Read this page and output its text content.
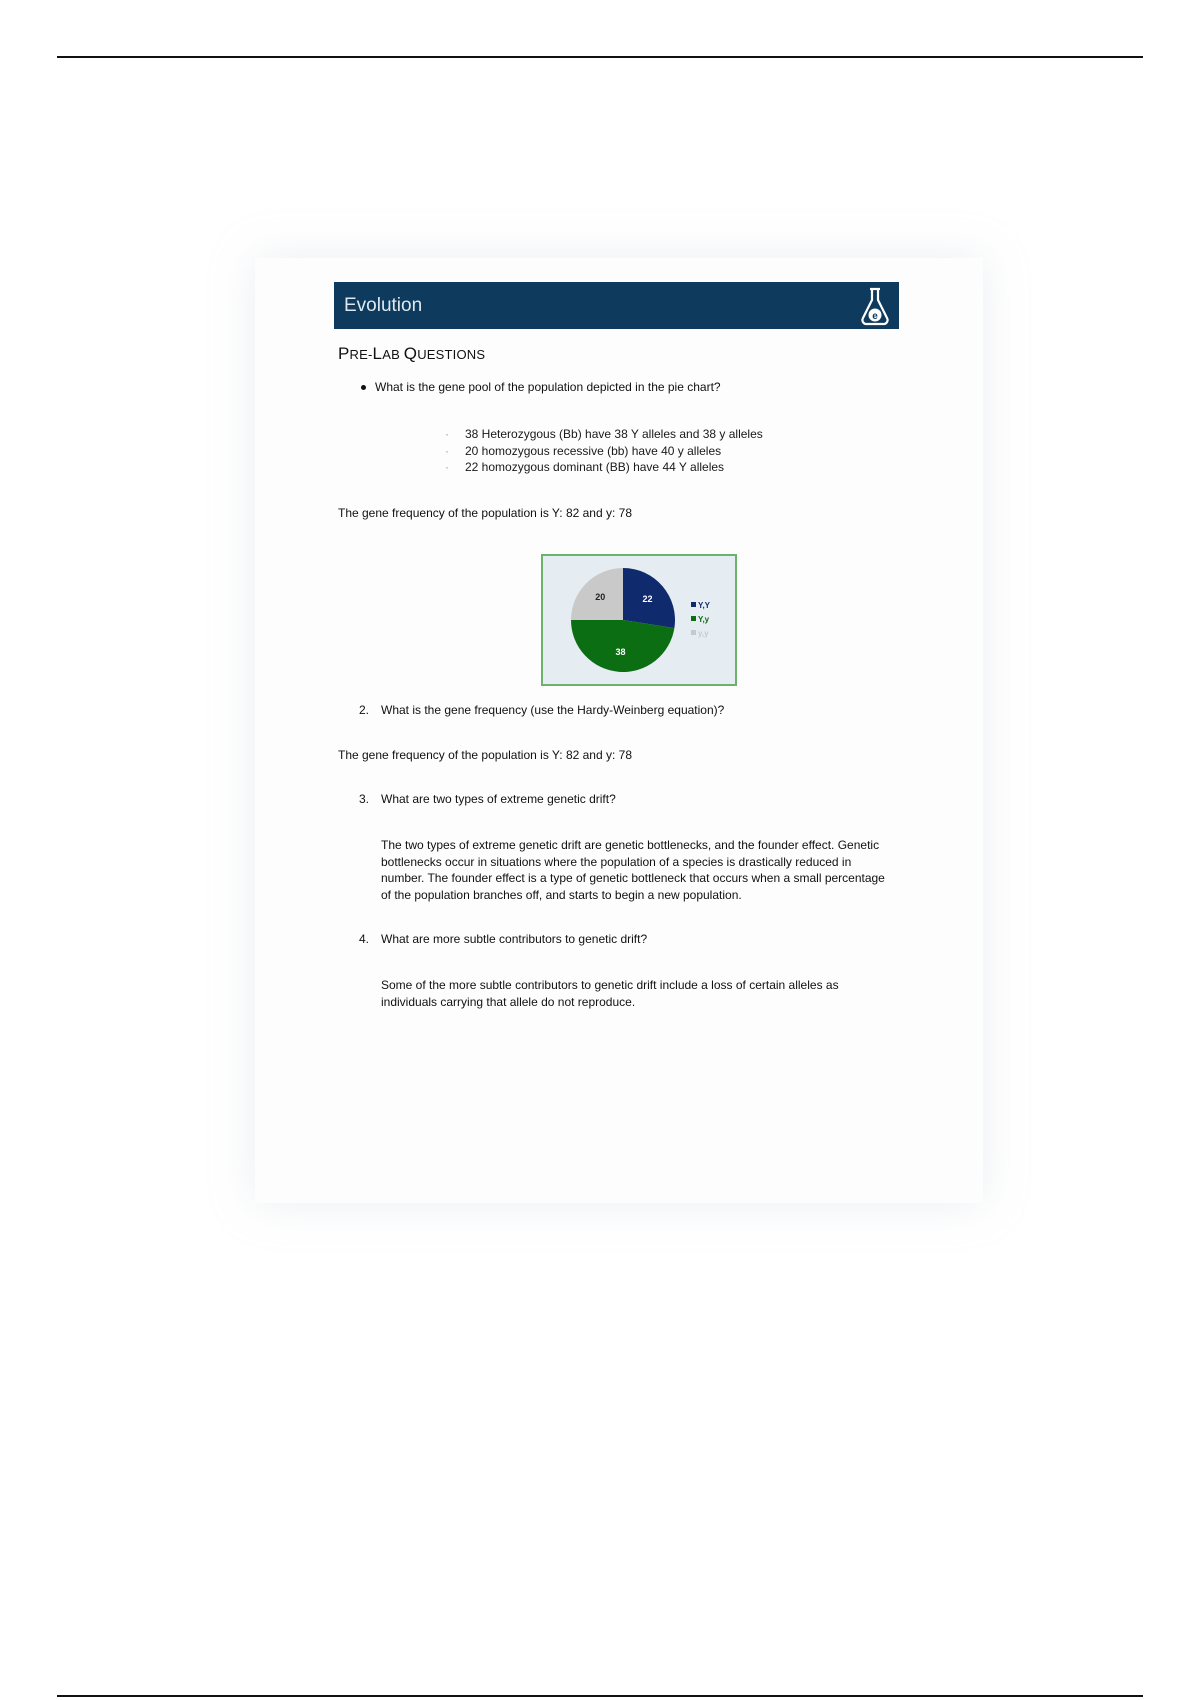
Evolution
e
PRE-LAB QUESTIONS
What is the gene pool of the population depicted in the pie chart?
· 38 Heterozygous (Bb) have 38 Y alleles and 38 y alleles
· 20 homozygous recessive (bb) have 40 y alleles
· 22 homozygous dominant (BB) have 44 Y alleles
The gene frequency of the population is Y: 82 and y: 78
22
38
20
Y,Y
Y,y
y,y
2. What is the gene frequency (use the Hardy-Weinberg equation)?
The gene frequency of the population is Y: 82 and y: 78
3. What are two types of extreme genetic drift?
The two types of extreme genetic drift are genetic bottlenecks, and the founder effect. Genetic
bottlenecks occur in situations where the population of a species is drastically reduced in
number. The founder effect is a type of genetic bottleneck that occurs when a small percentage
of the population branches off, and starts to begin a new population.
4. What are more subtle contributors to genetic drift?
Some of the more subtle contributors to genetic drift include a loss of certain alleles as
individuals carrying that allele do not reproduce.
